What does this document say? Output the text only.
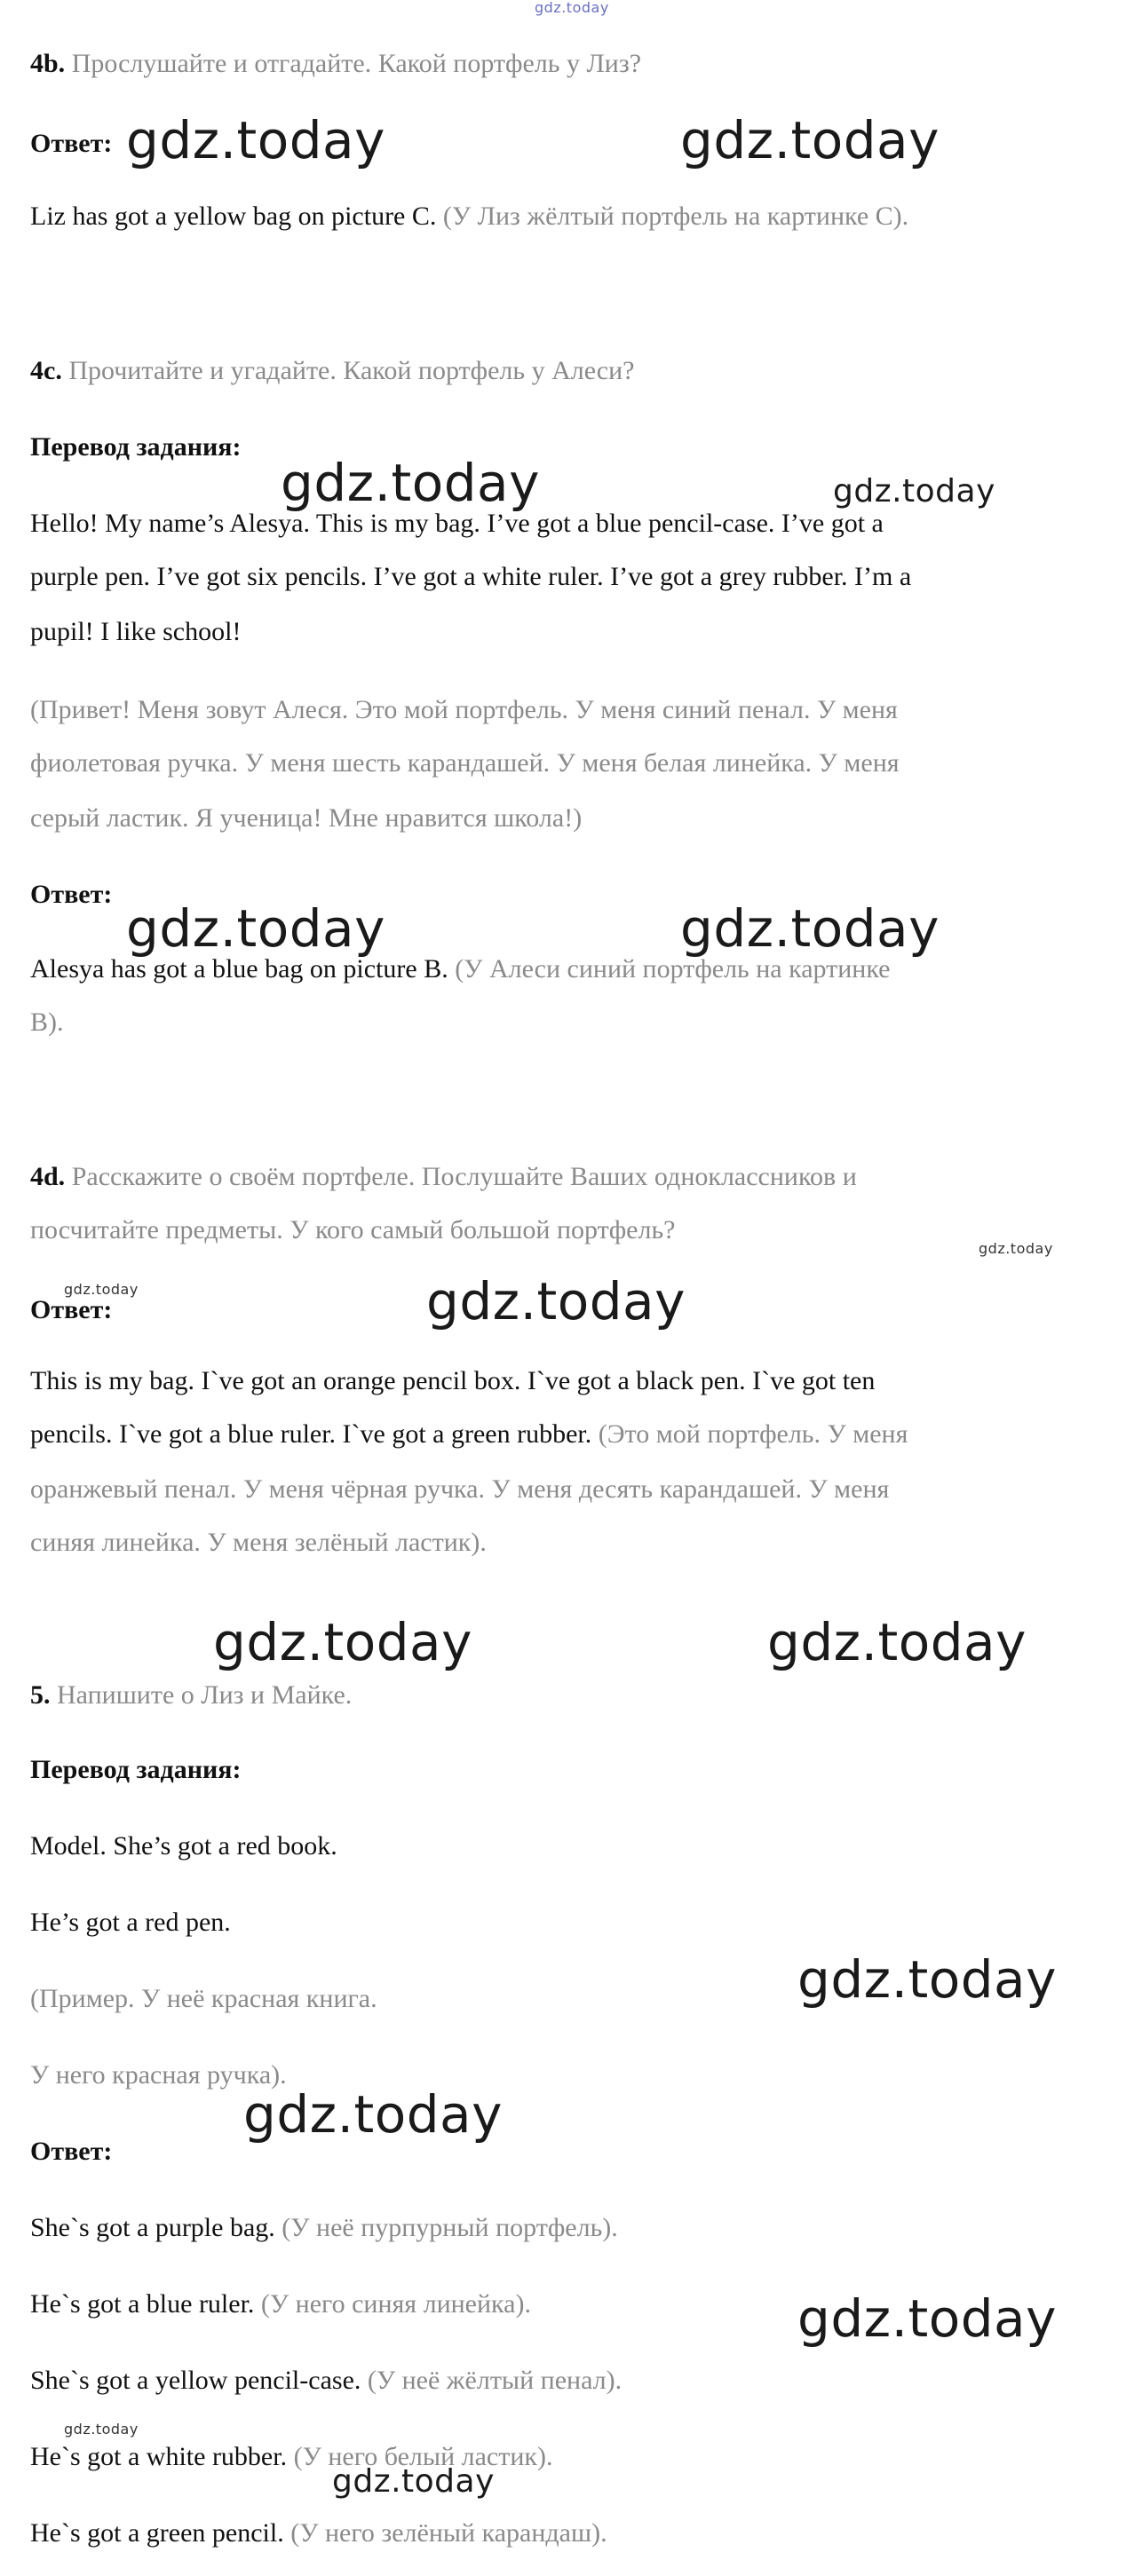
gdz.today
4b. Прослушайте и отгадайте. Какой портфель у Лиз?
Ответ: gdz.today	gdz.today
Liz has got a yellow bag on picture C. (У Лиз жёлтый портфель на картинке С).
4c. Прочитайте и угадайте. Какой портфель у Алеси?
Перевод задания:
gdz.today	gdz.today
Hello! My name’s Alesya. This is my bag. I’ve got a blue pencil-case. I’ve got a
purple pen. I’ve got six pencils. I’ve got a white ruler. I’ve got a grey rubber. I’m a
pupil! I like school!
(Привет! Меня зовут Алеся. Это мой портфель. У меня синий пенал. У меня
фиолетовая ручка. У меня шесть карандашей. У меня белая линейка. У меня
серый ластик. Я ученица! Мне нравится школа!)
Ответ:
gdz.today	gdz.today
Alesya has got a blue bag on picture B. (У Алеси синий портфель на картинке
В).
4d. Расскажите о своём портфеле. Послушайте Ваших одноклассников и
посчитайте предметы. У кого самый большой портфель?
gdz.today
gdz.today
Ответ:	gdz.today
This is my bag. I`ve got an orange pencil box. I`ve got a black pen. I`ve got ten
pencils. I`ve got a blue ruler. I`ve got a green rubber. (Это мой портфель. У меня
оранжевый пенал. У меня чёрная ручка. У меня десять карандашей. У меня
синяя линейка. У меня зелёный ластик).
gdz.today	gdz.today
5. Напишите о Лиз и Майке.
Перевод задания:
Model. She’s got a red book.
He’s got a red pen.
gdz.today
(Пример. У неё красная книга.
У него красная ручка).
gdz.today
Ответ:
She`s got a purple bag. (У неё пурпурный портфель).
He`s got a blue ruler. (У него синяя линейка).	gdz.today
She`s got a yellow pencil-case. (У неё жёлтый пенал).
gdz.today
He`s got a white rubber. (У него белый ластик).
gdz.today
He`s got a green pencil. (У него зелёный карандаш).
